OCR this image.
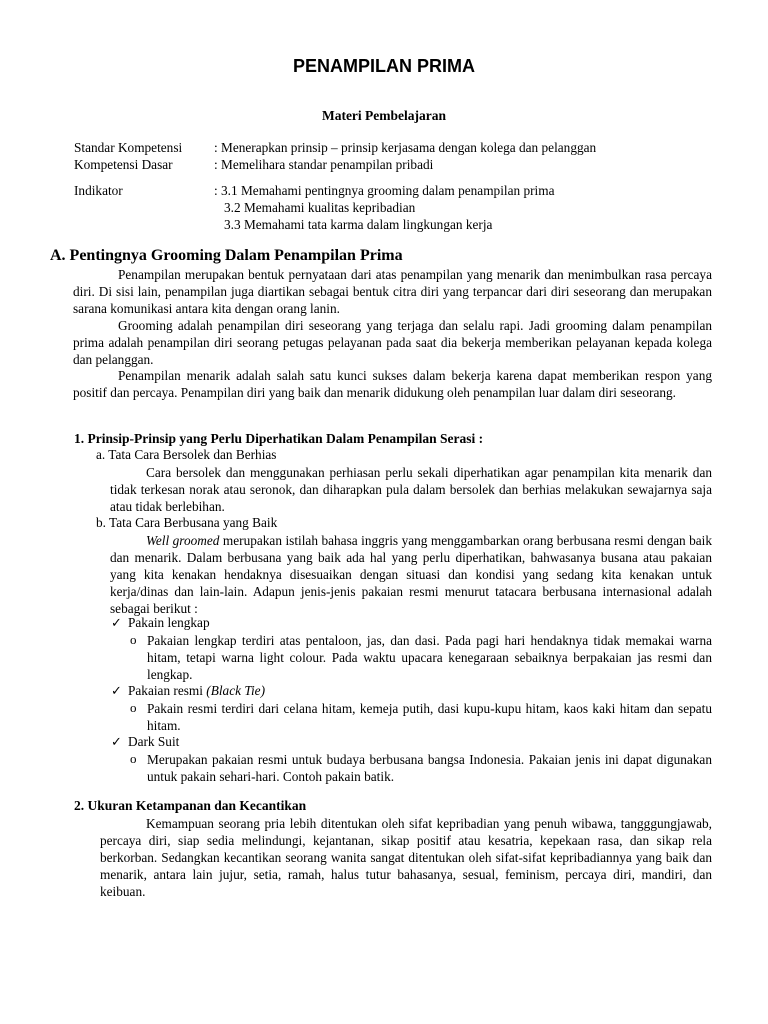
PENAMPILAN PRIMA
Materi Pembelajaran
Standar Kompetensi : Menerapkan prinsip – prinsip kerjasama dengan kolega dan pelanggan
Kompetensi Dasar	: Memelihara standar penampilan pribadi
Indikator	: 3.1 Memahami pentingnya grooming dalam penampilan prima
3.2 Memahami kualitas kepribadian
3.3 Memahami tata karma dalam lingkungan kerja
A. Pentingnya Grooming Dalam Penampilan Prima
Penampilan merupakan bentuk pernyataan dari atas penampilan yang menarik dan menimbulkan rasa percaya diri. Di sisi lain, penampilan juga diartikan sebagai bentuk citra diri yang terpancar dari diri seseorang dan merupakan sarana komunikasi antara kita dengan orang lanin.
Grooming adalah penampilan diri seseorang yang terjaga dan selalu rapi. Jadi grooming dalam penampilan prima adalah penampilan diri seorang petugas pelayanan pada saat dia bekerja memberikan pelayanan kepada kolega dan pelanggan.
Penampilan menarik adalah salah satu kunci sukses dalam bekerja karena dapat memberikan respon yang positif dan percaya. Penampilan diri yang baik dan menarik didukung oleh penampilan luar dalam diri seseorang.
1. Prinsip-Prinsip yang Perlu Diperhatikan Dalam Penampilan Serasi :
a. Tata Cara Bersolek dan Berhias
Cara bersolek dan menggunakan perhiasan perlu sekali diperhatikan agar penampilan kita menarik dan tidak terkesan norak atau seronok, dan diharapkan pula dalam bersolek dan berhias melakukan sewajarnya saja atau tidak berlebihan.
b. Tata Cara Berbusana yang Baik
Well groomed merupakan istilah bahasa inggris yang menggambarkan orang berbusana resmi dengan baik dan menarik. Dalam berbusana yang baik ada hal yang perlu diperhatikan, bahwasanya busana atau pakaian yang kita kenakan hendaknya disesuaikan dengan situasi dan kondisi yang sedang kita kenakan untuk kerja/dinas dan lain-lain. Adapun jenis-jenis pakaian resmi menurut tatacara berbusana internasional adalah sebagai berikut :
✓ Pakain lengkap
o Pakaian lengkap terdiri atas pentaloon, jas, dan dasi. Pada pagi hari hendaknya tidak memakai warna hitam, tetapi warna light colour. Pada waktu upacara kenegaraan sebaiknya berpakaian jas resmi dan lengkap.
✓ Pakaian resmi (Black Tie)
o Pakain resmi terdiri dari celana hitam, kemeja putih, dasi kupu-kupu hitam, kaos kaki hitam dan sepatu hitam.
✓ Dark Suit
o Merupakan pakaian resmi untuk budaya berbusana bangsa Indonesia. Pakaian jenis ini dapat digunakan untuk pakain sehari-hari. Contoh pakain batik.
2. Ukuran Ketampanan dan Kecantikan
Kemampuan seorang pria lebih ditentukan oleh sifat kepribadian yang penuh wibawa, tangggungjawab, percaya diri, siap sedia melindungi, kejantanan, sikap positif atau kesatria, kepekaan rasa, dan sikap rela berkorban. Sedangkan kecantikan seorang wanita sangat ditentukan oleh sifat-sifat kepribadiannya yang baik dan menarik, antara lain jujur, setia, ramah, halus tutur bahasanya, sesual, feminism, percaya diri, mandiri, dan keibuan.
